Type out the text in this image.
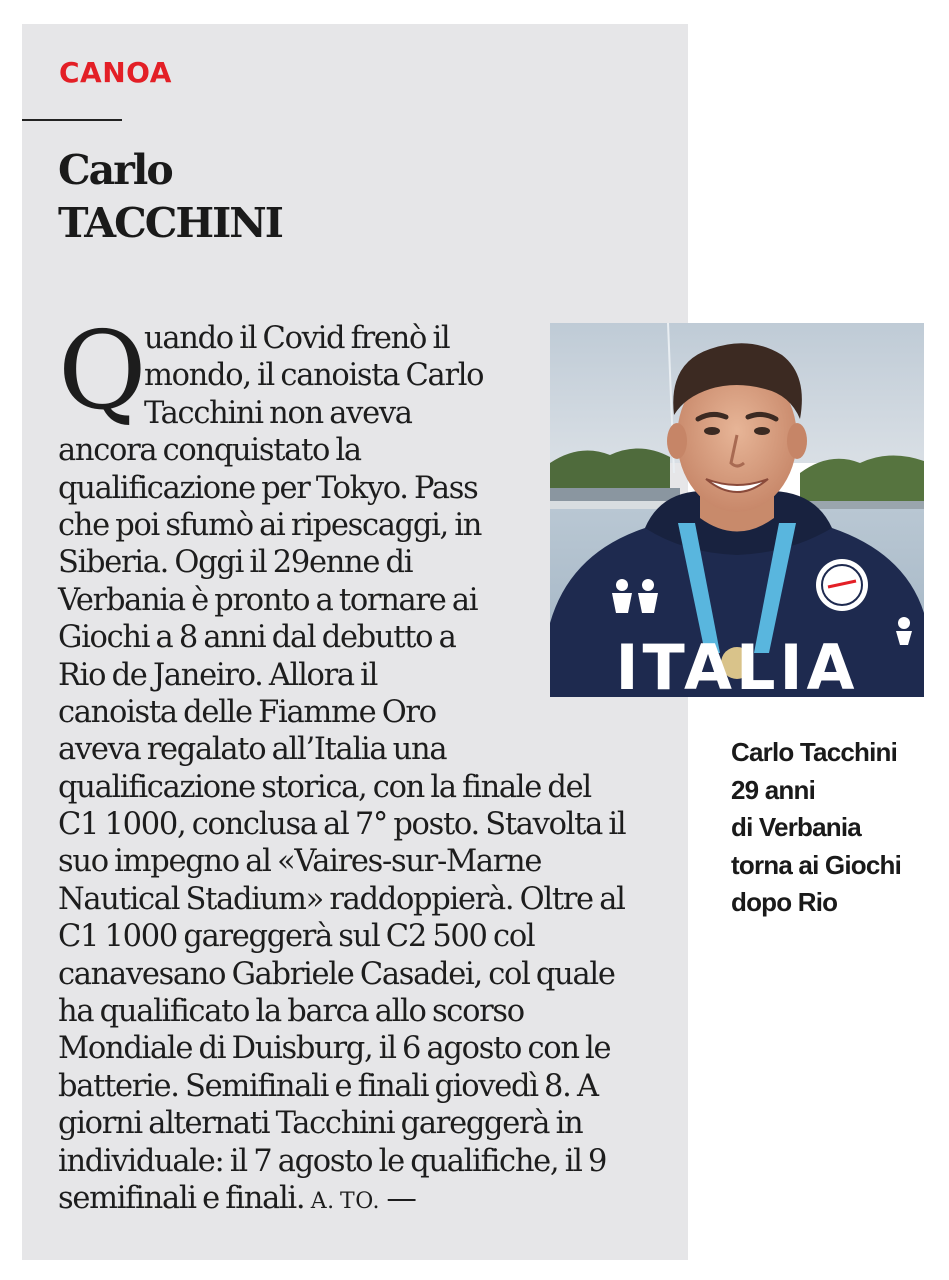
CANOA
Carlo
TACCHINI
Q
uando il Covid frenò il
mondo, il canoista Carlo
Tacchini non aveva
ancora conquistato la
qualificazione per Tokyo. Pass
che poi sfumò ai ripescaggi, in
Siberia. Oggi il 29enne di
Verbania è pronto a tornare ai
Giochi a 8 anni dal debutto a
Rio de Janeiro. Allora il
canoista delle Fiamme Oro
aveva regalato all’Italia una
qualificazione storica, con la finale del
C1 1000, conclusa al 7° posto. Stavolta il
suo impegno al «Vaires-sur-Marne
Nautical Stadium» raddoppierà. Oltre al
C1 1000 gareggerà sul C2 500 col
canavesano Gabriele Casadei, col quale
ha qualificato la barca allo scorso
Mondiale di Duisburg, il 6 agosto con le
batterie. Semifinali e finali giovedì 8. A
giorni alternati Tacchini gareggerà in
individuale: il 7 agosto le qualifiche, il 9
semifinali e finali. A. TO. —
ITALIA
Carlo Tacchini
29 anni
di Verbania
torna ai Giochi
dopo Rio
